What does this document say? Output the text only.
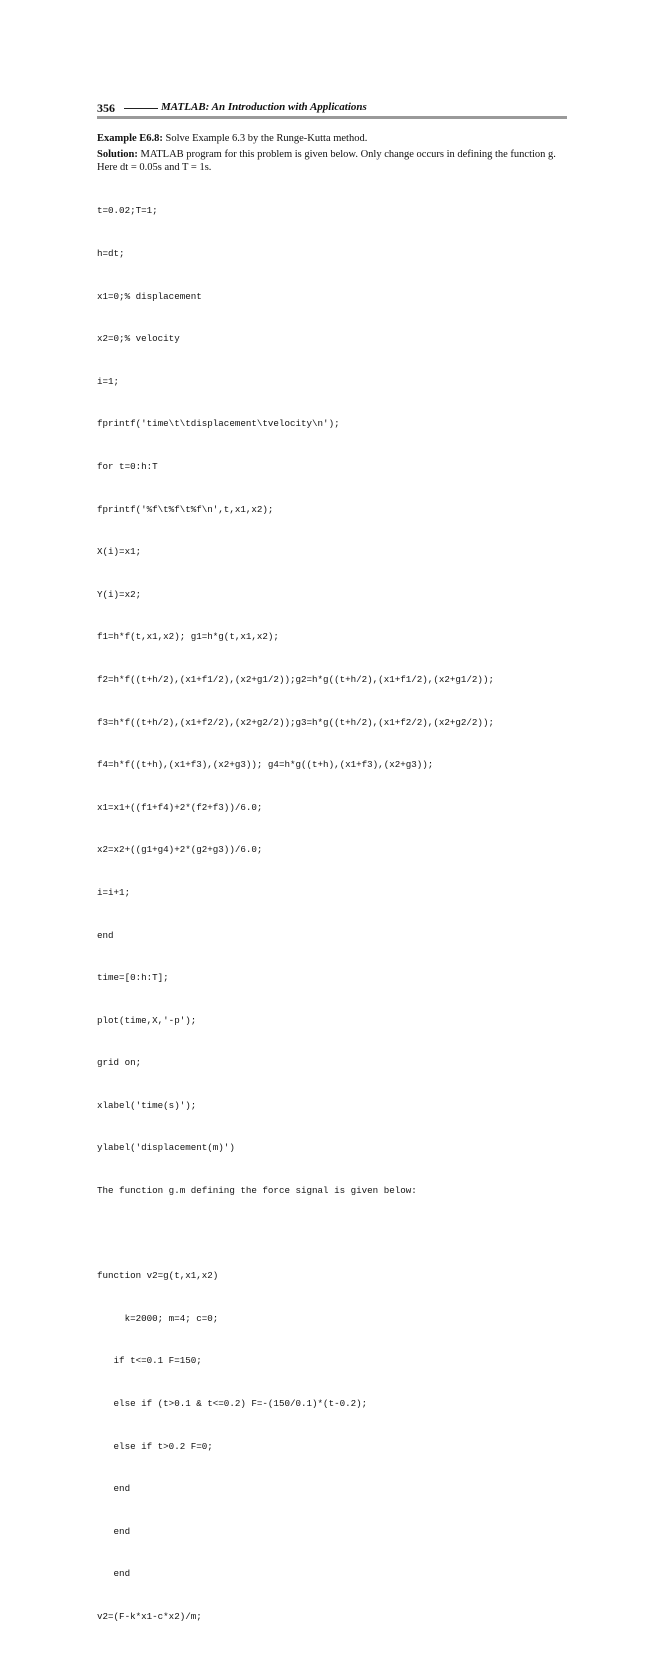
356	MATLAB: An Introduction with Applications
Example E6.8: Solve Example 6.3 by the Runge-Kutta method.
Solution: MATLAB program for this problem is given below. Only change occurs in defining the function g.
Here dt = 0.05s and T = 1s.

t=0.02;T=1;

h=dt;

x1=0;% displacement

x2=0;% velocity

i=1;

fprintf('time\t\tdisplacement\tvelocity\n');

for t=0:h:T

fprintf('%f\t%f\t%f\n',t,x1,x2);

X(i)=x1;

Y(i)=x2;

f1=h*f(t,x1,x2); g1=h*g(t,x1,x2);

f2=h*f((t+h/2),(x1+f1/2),(x2+g1/2));g2=h*g((t+h/2),(x1+f1/2),(x2+g1/2));

f3=h*f((t+h/2),(x1+f2/2),(x2+g2/2));g3=h*g((t+h/2),(x1+f2/2),(x2+g2/2));

f4=h*f((t+h),(x1+f3),(x2+g3)); g4=h*g((t+h),(x1+f3),(x2+g3));

x1=x1+((f1+f4)+2*(f2+f3))/6.0;

x2=x2+((g1+g4)+2*(g2+g3))/6.0;

i=i+1;

end

time=[0:h:T];

plot(time,X,'-p');

grid on;

xlabel('time(s)');

ylabel('displacement(m)')

The function g.m defining the force signal is given below:

function v2=g(t,x1,x2)

k=2000; m=4; c=0;

if t<=0.1 F=150;

else if (t>0.1 & t<=0.2) F=-(150/0.1)*(t-0.2);

else if t>0.2 F=0;

end

end

end

v2=(F-k*x1-c*x2)/m;
